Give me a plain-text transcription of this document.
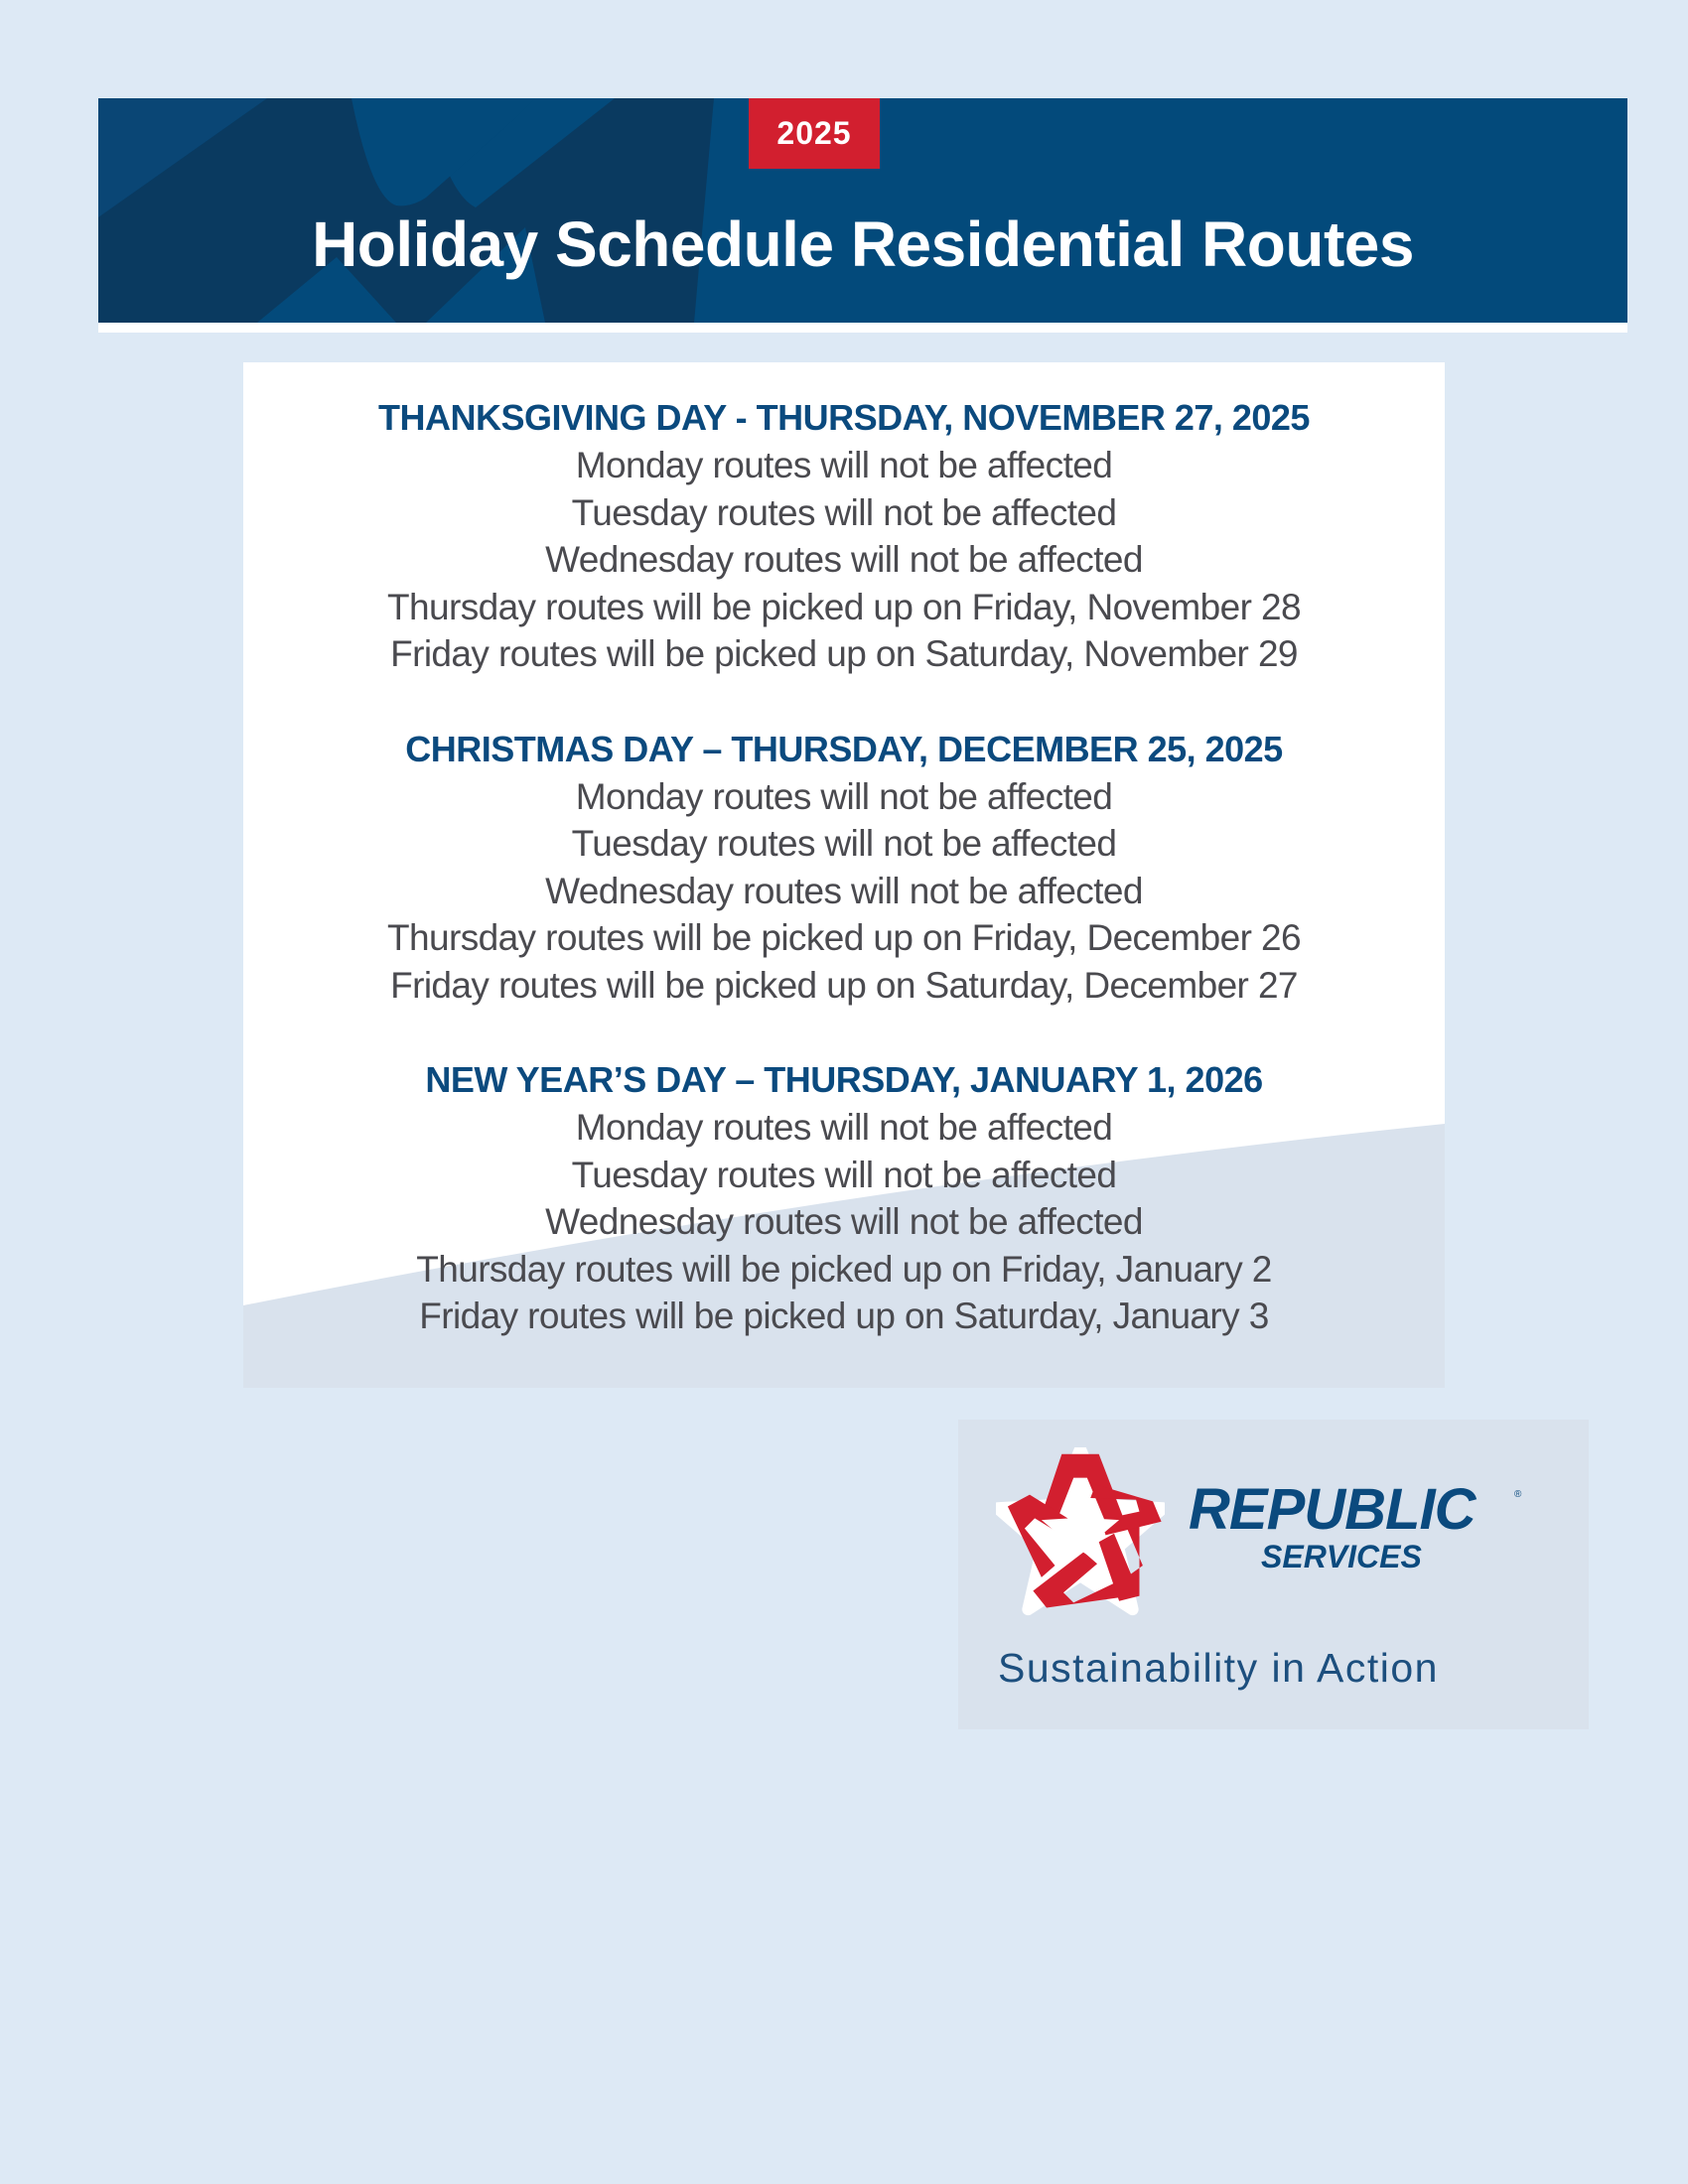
2025
Holiday Schedule Residential Routes
THANKSGIVING DAY - THURSDAY, NOVEMBER 27, 2025
Monday routes will not be affected
Tuesday routes will not be affected
Wednesday routes will not be affected
Thursday routes will be picked up on Friday, November 28
Friday routes will be picked up on Saturday, November 29
CHRISTMAS DAY – THURSDAY, DECEMBER 25, 2025
Monday routes will not be affected
Tuesday routes will not be affected
Wednesday routes will not be affected
Thursday routes will be picked up on Friday, December 26
Friday routes will be picked up on Saturday, December 27
NEW YEAR’S DAY – THURSDAY, JANUARY 1, 2026
Monday routes will not be affected
Tuesday routes will not be affected
Wednesday routes will not be affected
Thursday routes will be picked up on Friday, January 2
Friday routes will be picked up on Saturday, January 3
REPUBLIC	®
SERVICES
Sustainability in Action
